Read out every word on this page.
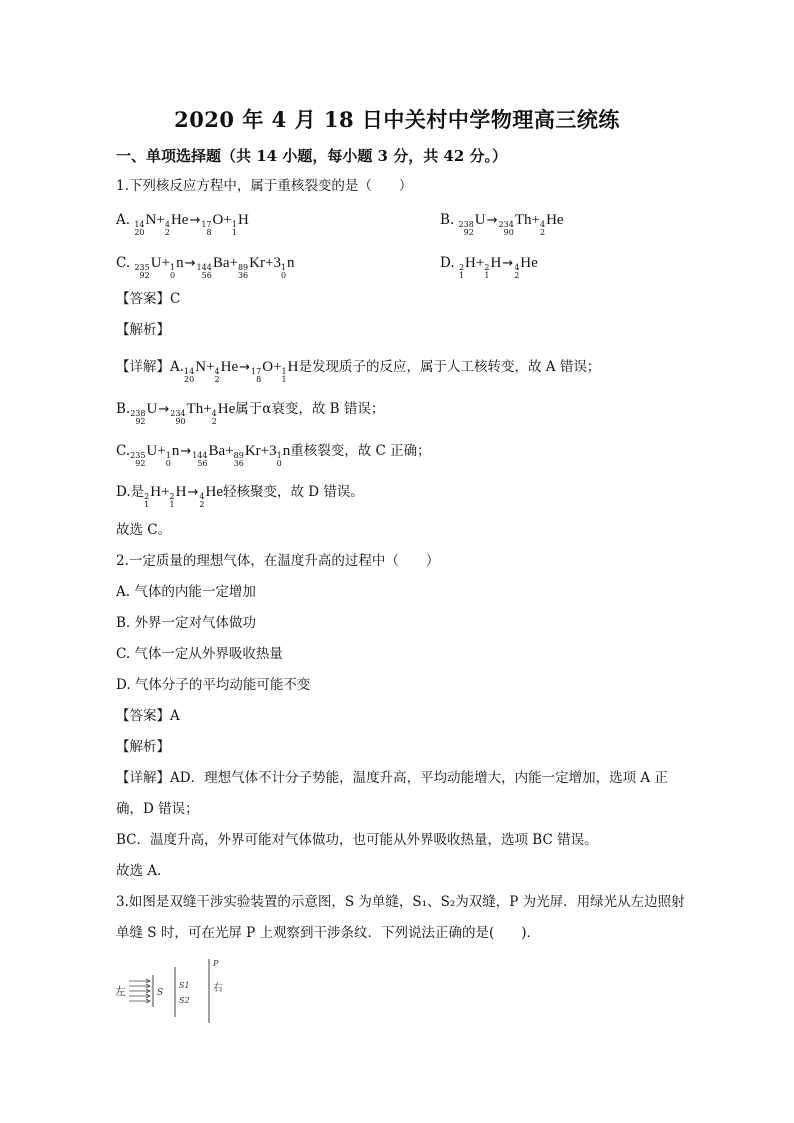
2020 年 4 月 18 日中关村中学物理高三统练
一、单项选择题（共 14 小题，每小题 3 分，共 42 分。）
1.下列核反应方程中，属于重核裂变的是（　　）
A. 14
20
N+ 4
2
He→ 17
8
O+ 1
1
H	B. 238
92
U→ 234
90
Th+ 4
2
He
C. 235
92
U+ 1
0
n→ 144
56
Ba+ 89
36
Kr+3 1
0
n	D. 2
1
H+ 2
1
H→ 4
2
He
【答案】C
【解析】
【详解】A. 14
20
N+ 4
2
He→ 17
8
O+ 1
1
H是发现质子的反应，属于人工核转变，故 A 错误；
B. 238
92
U→ 234
90
Th+ 4
2
He属于α衰变，故 B 错误；
C. 235
92
U+ 1
0
n→ 144
56
Ba+ 89
36
Kr+3 1
0
n重核裂变，故 C 正确；
D.是 2
1
H+ 2
1
H→ 4
2
He轻核聚变，故 D 错误。
故选 C。
2.一定质量的理想气体，在温度升高的过程中（　　）
A. 气体的内能一定增加
B. 外界一定对气体做功
C. 气体一定从外界吸收热量
D. 气体分子的平均动能可能不变
【答案】A
【解析】
【详解】AD．理想气体不计分子势能，温度升高，平均动能增大，内能一定增加，选项 A 正
确，D 错误；
BC．温度升高，外界可能对气体做功，也可能从外界吸收热量，选项 BC 错误。
故选 A.
3.如图是双缝干涉实验装置的示意图，S 为单缝，S₁、S₂为双缝，P 为光屏．用绿光从左边照射
单缝 S 时，可在光屏 P 上观察到干涉条纹．下列说法正确的是(　　)．
左	S
S1
S2
P
右
